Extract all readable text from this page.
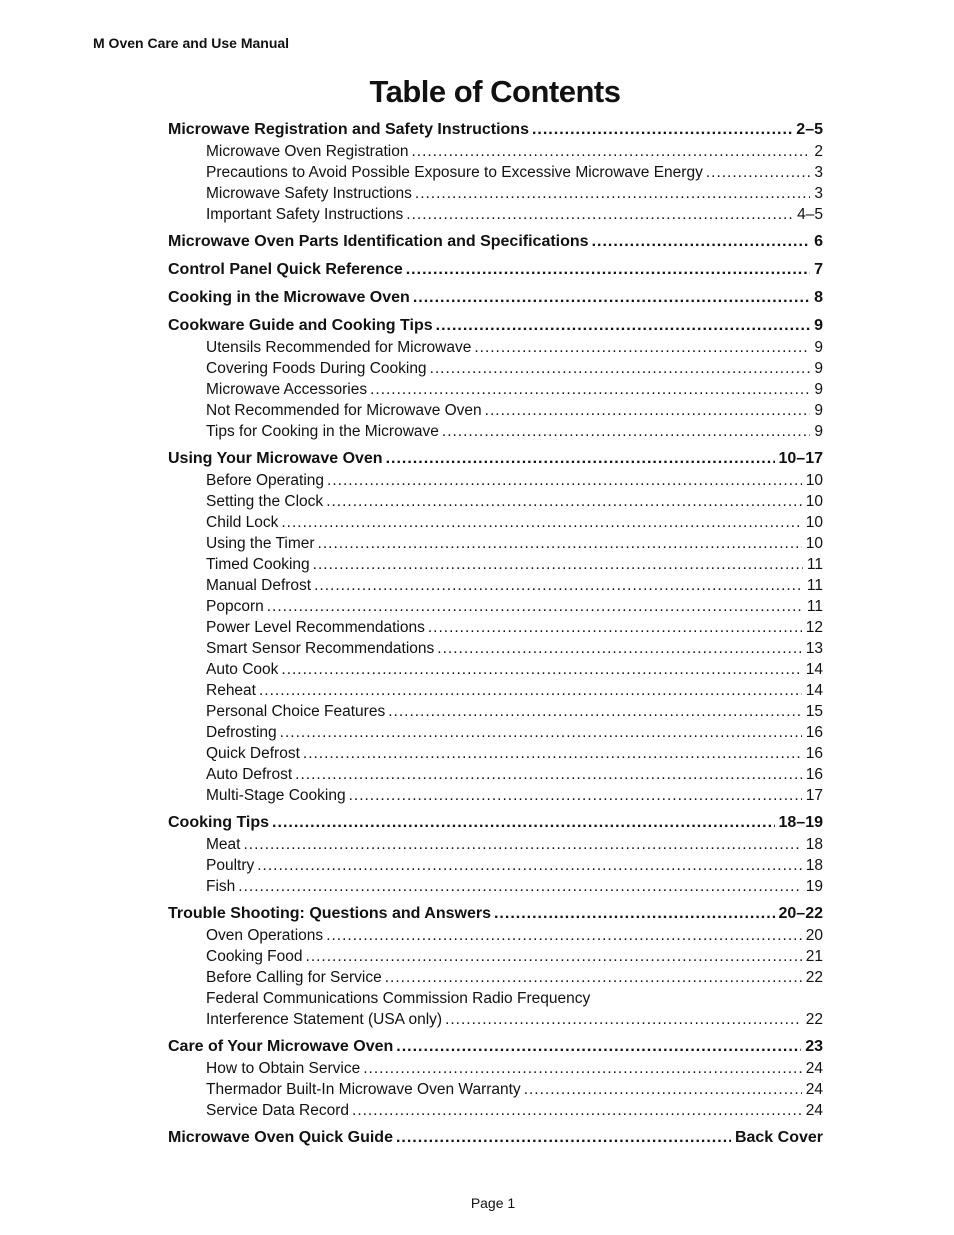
M Oven Care and Use Manual
Table of Contents
Microwave Registration and Safety Instructions .....	2–5
Microwave Oven Registration .....	2
Precautions to Avoid Possible Exposure to Excessive Microwave Energy .....	3
Microwave Safety Instructions .....	3
Important Safety Instructions .....	4–5
Microwave Oven Parts Identification and Specifications .....	6
Control Panel Quick Reference .....	7
Cooking in the Microwave Oven .....	8
Cookware Guide and Cooking Tips .....	9
Utensils Recommended for Microwave .....	9
Covering Foods During Cooking .....	9
Microwave Accessories .....	9
Not Recommended for Microwave Oven .....	9
Tips for Cooking in the Microwave .....	9
Using Your Microwave Oven .....	10–17
Before Operating .....	10
Setting the Clock .....	10
Child Lock .....	10
Using the Timer .....	10
Timed Cooking .....	11
Manual Defrost .....	11
Popcorn .....	11
Power Level Recommendations .....	12
Smart Sensor Recommendations .....	13
Auto Cook .....	14
Reheat .....	14
Personal Choice Features .....	15
Defrosting .....	16
Quick Defrost .....	16
Auto Defrost .....	16
Multi-Stage Cooking .....	17
Cooking Tips .....	18–19
Meat .....	18
Poultry .....	18
Fish .....	19
Trouble Shooting: Questions and Answers .....	20–22
Oven Operations .....	20
Cooking Food .....	21
Before Calling for Service .....	22
Federal Communications Commission Radio Frequency
Interference Statement (USA only) .....	22
Care of Your Microwave Oven .....	23
How to Obtain Service .....	24
Thermador Built-In Microwave Oven Warranty .....	24
Service Data Record .....	24
Microwave Oven Quick Guide .....	Back Cover
Page 1
